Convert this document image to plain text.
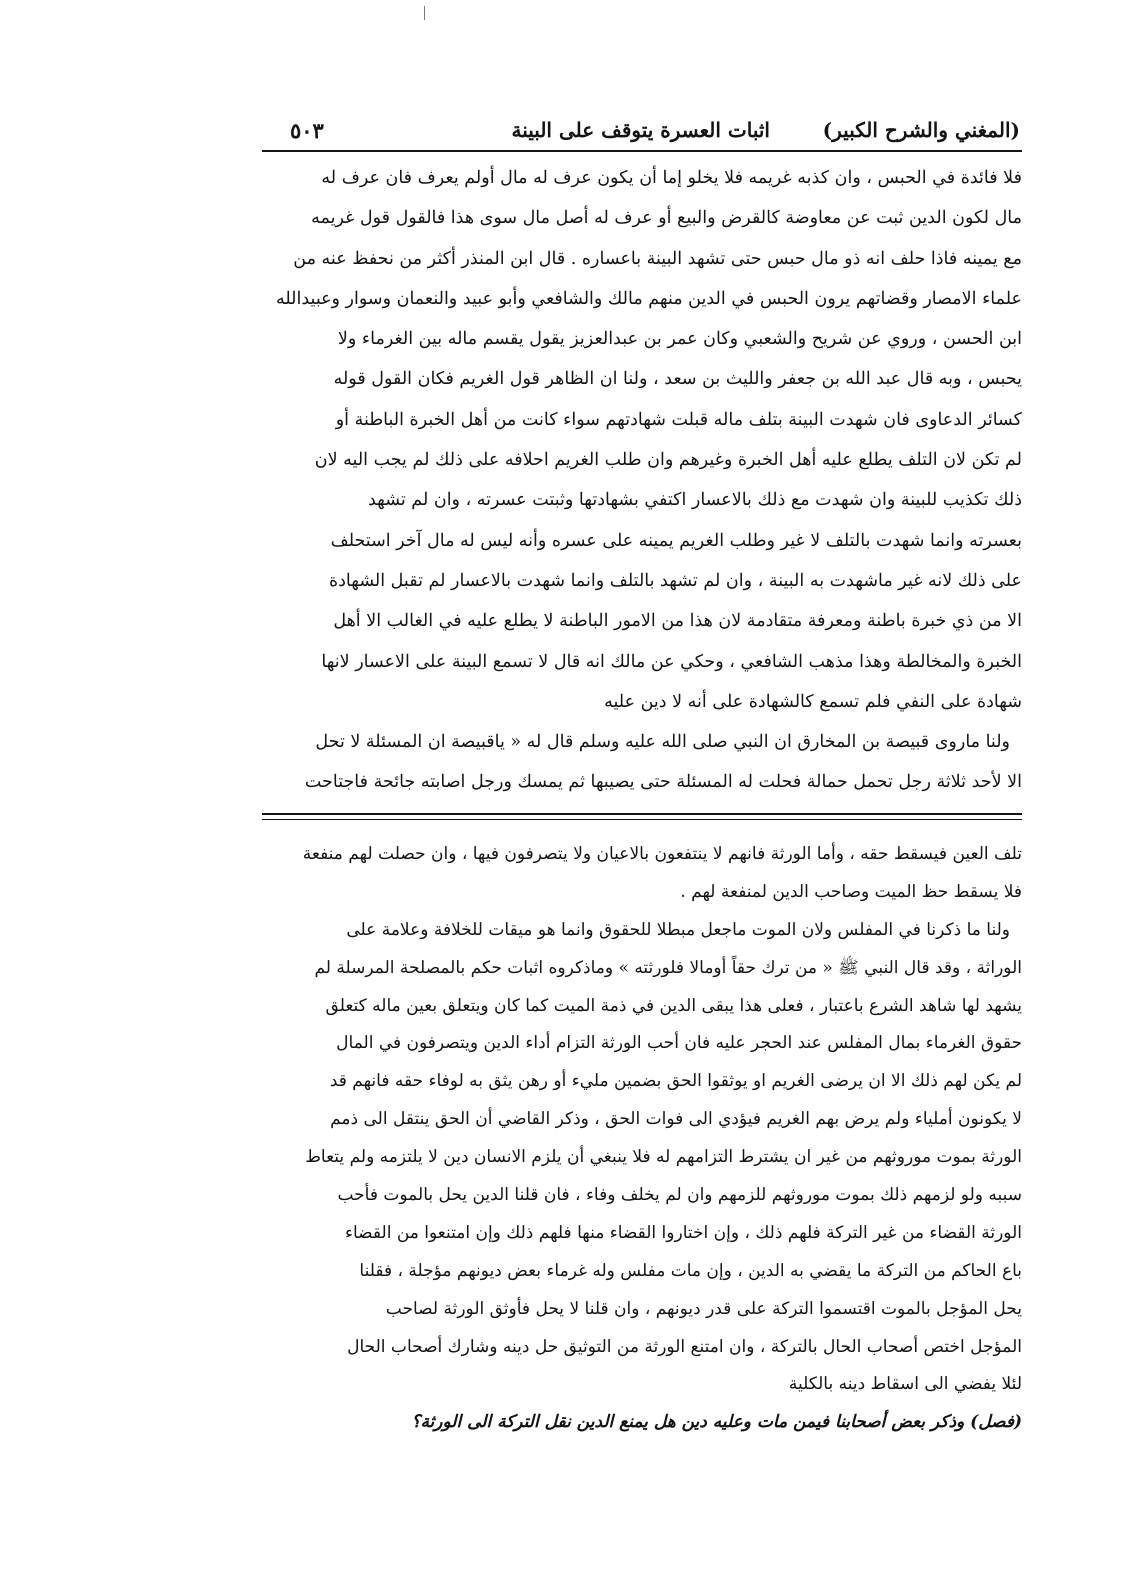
(المغني والشرح الكبير)
اثبات العسرة يتوقف على البينة
٥٠٣
فلا فائدة في الحبس ، وان كذبه غريمه فلا يخلو إما أن يكون عرف له مال أولم يعرف فان عرف له
مال لكون الدين ثبت عن معاوضة كالقرض والبيع أو عرف له أصل مال سوى هذا فالقول قول غريمه
مع يمينه فاذا حلف انه ذو مال حبس حتى تشهد البينة باعساره . قال ابن المنذر أكثر من نحفظ عنه من
علماء الامصار وقضاتهم يرون الحبس في الدين منهم مالك والشافعي وأبو عبيد والنعمان وسوار وعبيدالله
ابن الحسن ، وروي عن شريح والشعبي وكان عمر بن عبدالعزيز يقول يقسم ماله بين الغرماء ولا
يحبس ، وبه قال عبد الله بن جعفر والليث بن سعد ، ولنا ان الظاهر قول الغريم فكان القول قوله
كسائر الدعاوى فان شهدت البينة بتلف ماله قبلت شهادتهم سواء كانت من أهل الخبرة الباطنة أو
لم تكن لان التلف يطلع عليه أهل الخبرة وغيرهم وان طلب الغريم احلافه على ذلك لم يجب اليه لان
ذلك تكذيب للبينة وان شهدت مع ذلك بالاعسار اكتفي بشهادتها وثبتت عسرته ، وان لم تشهد
بعسرته وانما شهدت بالتلف لا غير وطلب الغريم يمينه على عسره وأنه ليس له مال آخر استحلف
على ذلك لانه غير ماشهدت به البينة ، وان لم تشهد بالتلف وانما شهدت بالاعسار لم تقبل الشهادة
الا من ذي خبرة باطنة ومعرفة متقادمة لان هذا من الامور الباطنة لا يطلع عليه في الغالب الا أهل
الخبرة والمخالطة وهذا مذهب الشافعي ، وحكي عن مالك انه قال لا تسمع البينة على الاعسار لانها
شهادة على النفي فلم تسمع كالشهادة على أنه لا دين عليه
ولنا ماروى قبيصة بن المخارق ان النبي صلى الله عليه وسلم قال له « ياقبيصة ان المسئلة لا تحل
الا لأحد ثلاثة رجل تحمل حمالة فحلت له المسئلة حتى يصيبها ثم يمسك ورجل اصابته جائحة فاجتاحت
تلف العين فيسقط حقه ، وأما الورثة فانهم لا ينتفعون بالاعيان ولا يتصرفون فيها ، وان حصلت لهم منفعة
فلا يسقط حظ الميت وصاحب الدين لمنفعة لهم .
ولنا ما ذكرنا في المفلس ولان الموت ماجعل مبطلا للحقوق وانما هو ميقات للخلافة وعلامة على
الوراثة ، وقد قال النبي ﷺ « من ترك حقاً أومالا فلورثته » وماذكروه اثبات حكم بالمصلحة المرسلة لم
يشهد لها شاهد الشرع باعتبار ، فعلى هذا يبقى الدين في ذمة الميت كما كان ويتعلق بعين ماله كتعلق
حقوق الغرماء بمال المفلس عند الحجر عليه فان أحب الورثة التزام أداء الدين ويتصرفون في المال
لم يكن لهم ذلك الا ان يرضى الغريم او يوثقوا الحق بضمين مليء أو رهن يثق به لوفاء حقه فانهم قد
لا يكونون أملياء ولم يرض بهم الغريم فيؤدي الى فوات الحق ، وذكر القاضي أن الحق ينتقل الى ذمم
الورثة بموت موروثهم من غير ان يشترط التزامهم له فلا ينبغي أن يلزم الانسان دين لا يلتزمه ولم يتعاط
سببه ولو لزمهم ذلك بموت موروثهم للزمهم وان لم يخلف وفاء ، فان قلنا الدين يحل بالموت فأحب
الورثة القضاء من غير التركة فلهم ذلك ، وإن اختاروا القضاء منها فلهم ذلك وإن امتنعوا من القضاء
باع الحاكم من التركة ما يقضي به الدين ، وإن مات مفلس وله غرماء بعض ديونهم مؤجلة ، فقلنا
يحل المؤجل بالموت اقتسموا التركة على قدر ديونهم ، وان قلنا لا يحل فأوثق الورثة لصاحب
المؤجل اختص أصحاب الحال بالتركة ، وان امتنع الورثة من التوثيق حل دينه وشارك أصحاب الحال
لئلا يفضي الى اسقاط دينه بالكلية
(فصل) وذكر بعض أصحابنا فيمن مات وعليه دين هل يمنع الدين نقل التركة الى الورثة؟
